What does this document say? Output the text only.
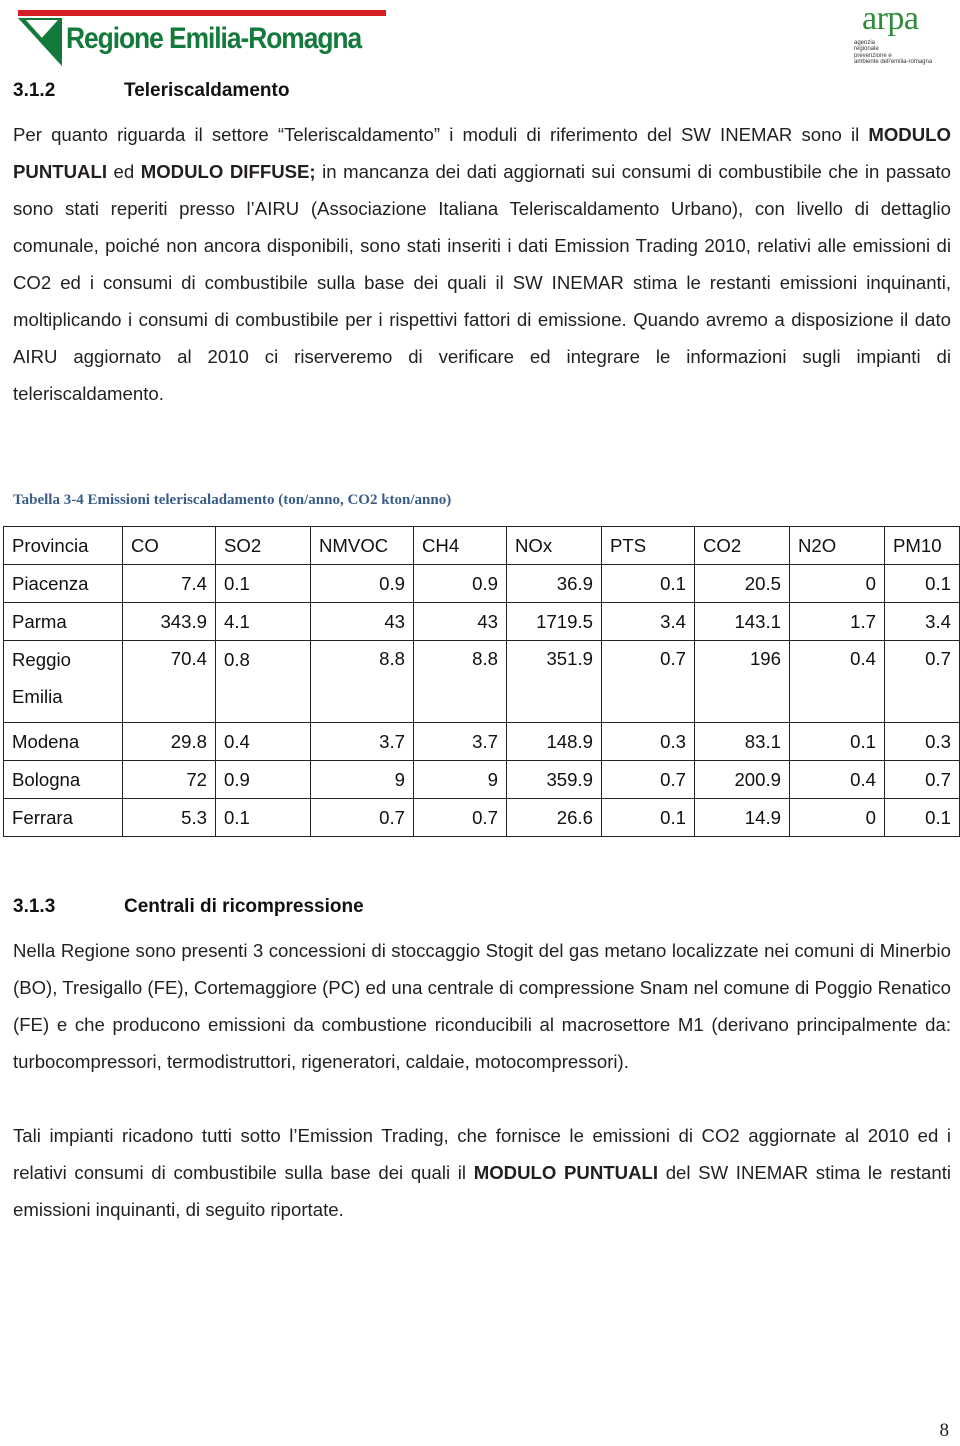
Regione Emilia-Romagna
arpa
agenzia
regionale
prevenzione e
ambiente dell'emilia-romagna
3.1.2	Teleriscaldamento

Per quanto riguarda il settore “Teleriscaldamento” i moduli di riferimento del SW INEMAR sono il MODULO PUNTUALI ed MODULO DIFFUSE; in mancanza dei dati aggiornati sui consumi di combustibile che in passato sono stati reperiti presso l’AIRU (Associazione Italiana Teleriscaldamento Urbano), con livello di dettaglio comunale, poiché non ancora disponibili, sono stati inseriti i dati Emission Trading 2010, relativi alle emissioni di CO2 ed i consumi di combustibile sulla base dei quali il SW INEMAR stima le restanti emissioni inquinanti, moltiplicando i consumi di combustibile per i rispettivi fattori di emissione. Quando avremo a disposizione il dato AIRU aggiornato al 2010 ci riserveremo di verificare ed integrare le informazioni sugli impianti di teleriscaldamento.

Tabella 3-4 Emissioni teleriscaladamento (ton/anno, CO2 kton/anno)
Provincia	CO	SO2	NMVOC	CH4	NOx	PTS	CO2	N2O	PM10
Piacenza	7.4	0.1	0.9	0.9	36.9	0.1	20.5	0	0.1
Parma	343.9	4.1	43	43	1719.5	3.4	143.1	1.7	3.4
Reggio Emilia	70.4	0.8	8.8	8.8	351.9	0.7	196	0.4	0.7
Modena	29.8	0.4	3.7	3.7	148.9	0.3	83.1	0.1	0.3
Bologna	72	0.9	9	9	359.9	0.7	200.9	0.4	0.7
Ferrara	5.3	0.1	0.7	0.7	26.6	0.1	14.9	0	0.1
3.1.3	Centrali di ricompressione

Nella Regione sono presenti 3 concessioni di stoccaggio Stogit del gas metano localizzate nei comuni di Minerbio (BO), Tresigallo (FE), Cortemaggiore (PC) ed una centrale di compressione Snam nel comune di Poggio Renatico (FE) e che producono emissioni da combustione riconducibili al macrosettore M1 (derivano principalmente da: turbocompressori, termodistruttori, rigeneratori, caldaie, motocompressori).

Tali impianti ricadono tutti sotto l’Emission Trading, che fornisce le emissioni di CO2 aggiornate al 2010 ed i relativi consumi di combustibile sulla base dei quali il MODULO PUNTUALI del SW INEMAR stima le restanti emissioni inquinanti, di seguito riportate.

8
